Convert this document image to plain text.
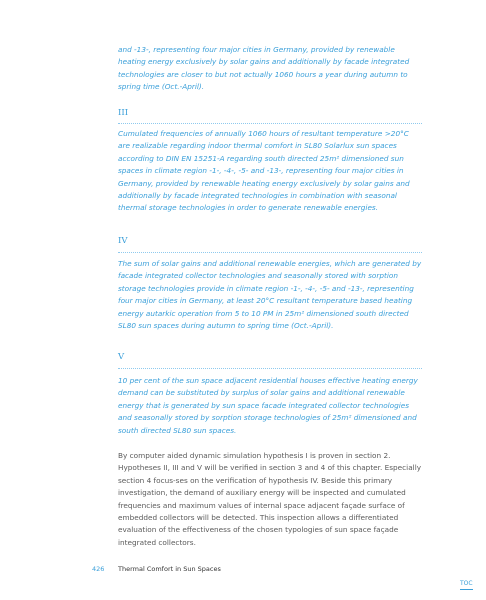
and -13-, representing four major cities in Germany, provided by renewable heating energy exclusively by solar gains and additionally by facade integrated technologies are closer to but not actually 1060 hours a year during autumn to spring time (Oct.-April).

III

Cumulated frequencies of annually 1060 hours of resultant temperature >20°C are realizable regarding indoor thermal comfort in SL80 Solarlux sun spaces according to DIN EN 15251-A regarding south directed 25m² dimensioned sun spaces in climate region -1-, -4-, -5- and -13-, representing four major cities in Germany, provided by renewable heating energy exclusively by solar gains and additionally by facade integrated technologies in combination with seasonal thermal storage technologies in order to generate renewable energies.

IV

The sum of solar gains and additional renewable energies, which are generated by facade integrated collector technologies and seasonally stored with sorption storage technologies provide in climate region -1-, -4-, -5- and -13-, representing four major cities in Germany, at least 20°C resultant temperature based heating energy autarkic operation from 5 to 10 PM in 25m² dimensioned south directed SL80 sun spaces during autumn to spring time (Oct.-April).

V

10 per cent of the sun space adjacent residential houses effective heating energy demand can be substituted by surplus of solar gains and additional renewable energy that is generated by sun space facade integrated collector technologies and seasonally stored by sorption storage technologies of 25m² dimensioned and south directed SL80 sun spaces.

By computer aided dynamic simulation hypothesis I is proven in section 2. Hypotheses II, III and V will be verified in section 3 and 4 of this chapter. Especially section 4 focus-ses on the verification of hypothesis IV. Beside this primary investigation, the demand of auxiliary energy will be inspected and cumulated frequencies and maximum values of internal space adjacent façade surface of embedded collectors will be detected. This inspection allows a differentiated evaluation of the effectiveness of the chosen typologies of sun space façade integrated collectors.

426 Thermal Comfort in Sun Spaces
TOC
